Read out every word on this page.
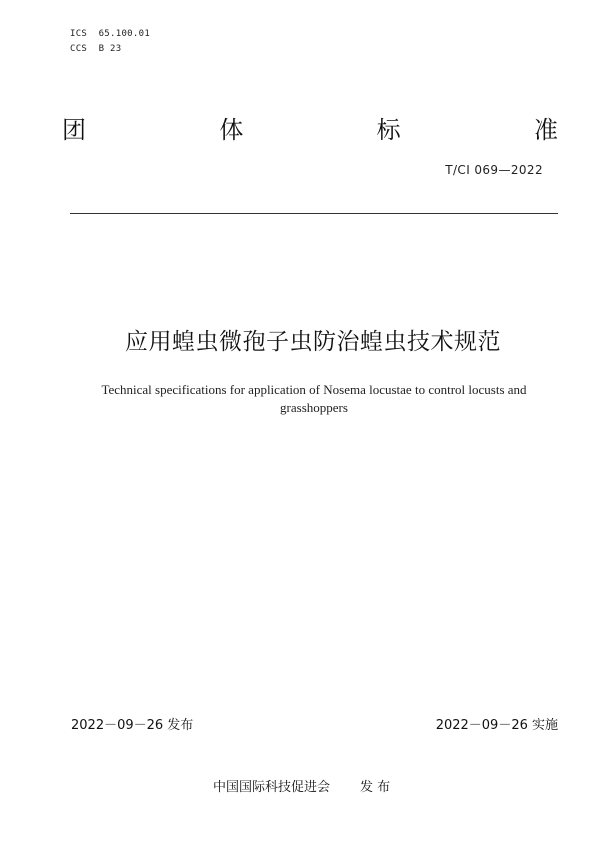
ICS  65.100.01
CCS  B 23
团	体	标	准
T/CI 069—2022
应用蝗虫微孢子虫防治蝗虫技术规范
Technical specifications for application of Nosema locustae to control locusts and grasshoppers
2022－09－26 发布	2022－09－26 实施
中国国际科技促进会 发 布
